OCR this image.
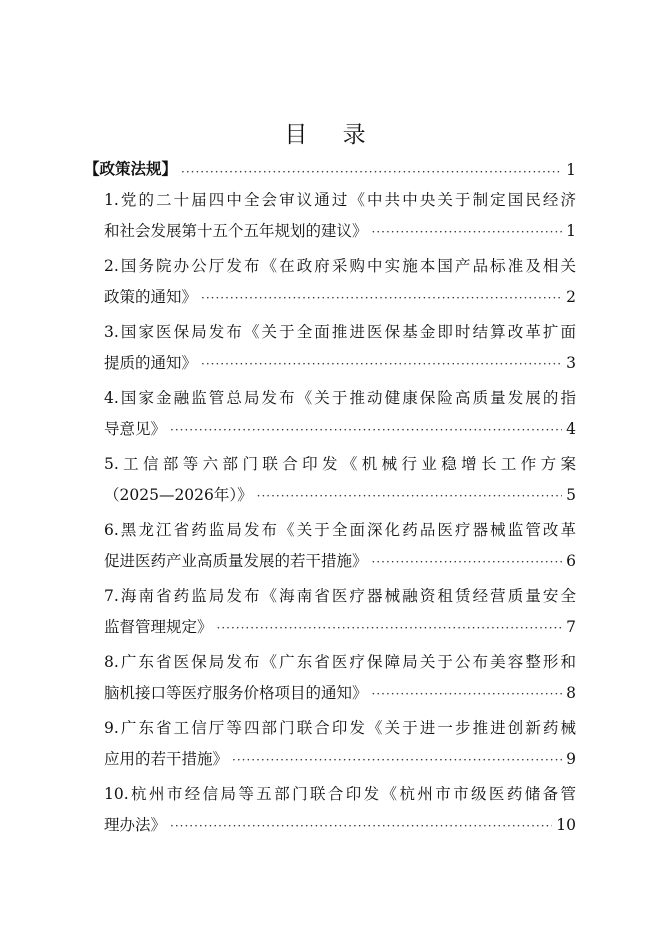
目 录
【政策法规】 ·····	1
1.党的二十届四中全会审议通过《中共中央关于制定国民经济
和社会发展第十五个五年规划的建议》 ·····	1
2.国务院办公厅发布《在政府采购中实施本国产品标准及相关
政策的通知》 ·····	2
3.国家医保局发布《关于全面推进医保基金即时结算改革扩面
提质的通知》 ·····	3
4.国家金融监管总局发布《关于推动健康保险高质量发展的指
导意见》 ·····	4
5.工信部等六部门联合印发《机械行业稳增长工作方案
（2025—2026年）》 ·····	5
6.黑龙江省药监局发布《关于全面深化药品医疗器械监管改革
促进医药产业高质量发展的若干措施》 ·····	6
7.海南省药监局发布《海南省医疗器械融资租赁经营质量安全
监督管理规定》 ·····	7
8.广东省医保局发布《广东省医疗保障局关于公布美容整形和
脑机接口等医疗服务价格项目的通知》 ·····	8
9.广东省工信厅等四部门联合印发《关于进一步推进创新药械
应用的若干措施》 ·····	9
10.杭州市经信局等五部门联合印发《杭州市市级医药储备管
理办法》 ·····	10
